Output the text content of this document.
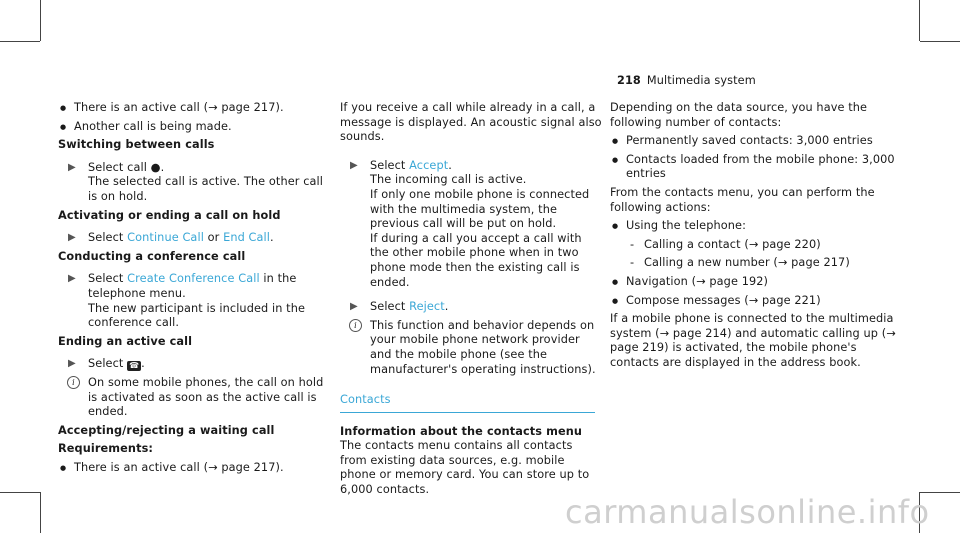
218 Multimedia system
● There is an active call (→ page 217).
● Another call is being made.
Switching between calls
▶ Select call ●.
The selected call is active. The other call is on hold.
Activating or ending a call on hold
▶ Select Continue Call or End Call.
Conducting a conference call
▶ Select Create Conference Call in the telephone menu.
The new participant is included in the conference call.
Ending an active call
▶ Select ☎ .
i	On some mobile phones, the call on hold is activated as soon as the active call is ended.
Accepting/rejecting a waiting call
Requirements:
● There is an active call (→ page 217).

If you receive a call while already in a call, a message is displayed. An acoustic signal also sounds.

▶ Select Accept.
The incoming call is active.
If only one mobile phone is connected with the multimedia system, the previous call will be put on hold.
If during a call you accept a call with the other mobile phone when in two phone mode then the existing call is ended.
▶ Select Reject.
i	This function and behavior depends on your mobile phone network provider and the mobile phone (see the manufacturer's operating instructions).
Contacts
Information about the contacts menu

The contacts menu contains all contacts from existing data sources, e.g. mobile phone or memory card. You can store up to 6,000 contacts.

Depending on the data source, you have the following number of contacts:

● Permanently saved contacts: 3,000 entries
● Contacts loaded from the mobile phone: 3,000 entries

From the contacts menu, you can perform the following actions:

● Using the telephone:
- Calling a contact (→ page 220)
- Calling a new number (→ page 217)
● Navigation (→ page 192)
● Compose messages (→ page 221)

If a mobile phone is connected to the multimedia system (→ page 214) and automatic calling up (→ page 219) is activated, the mobile phone's contacts are displayed in the address book.

carmanualsonline.info
